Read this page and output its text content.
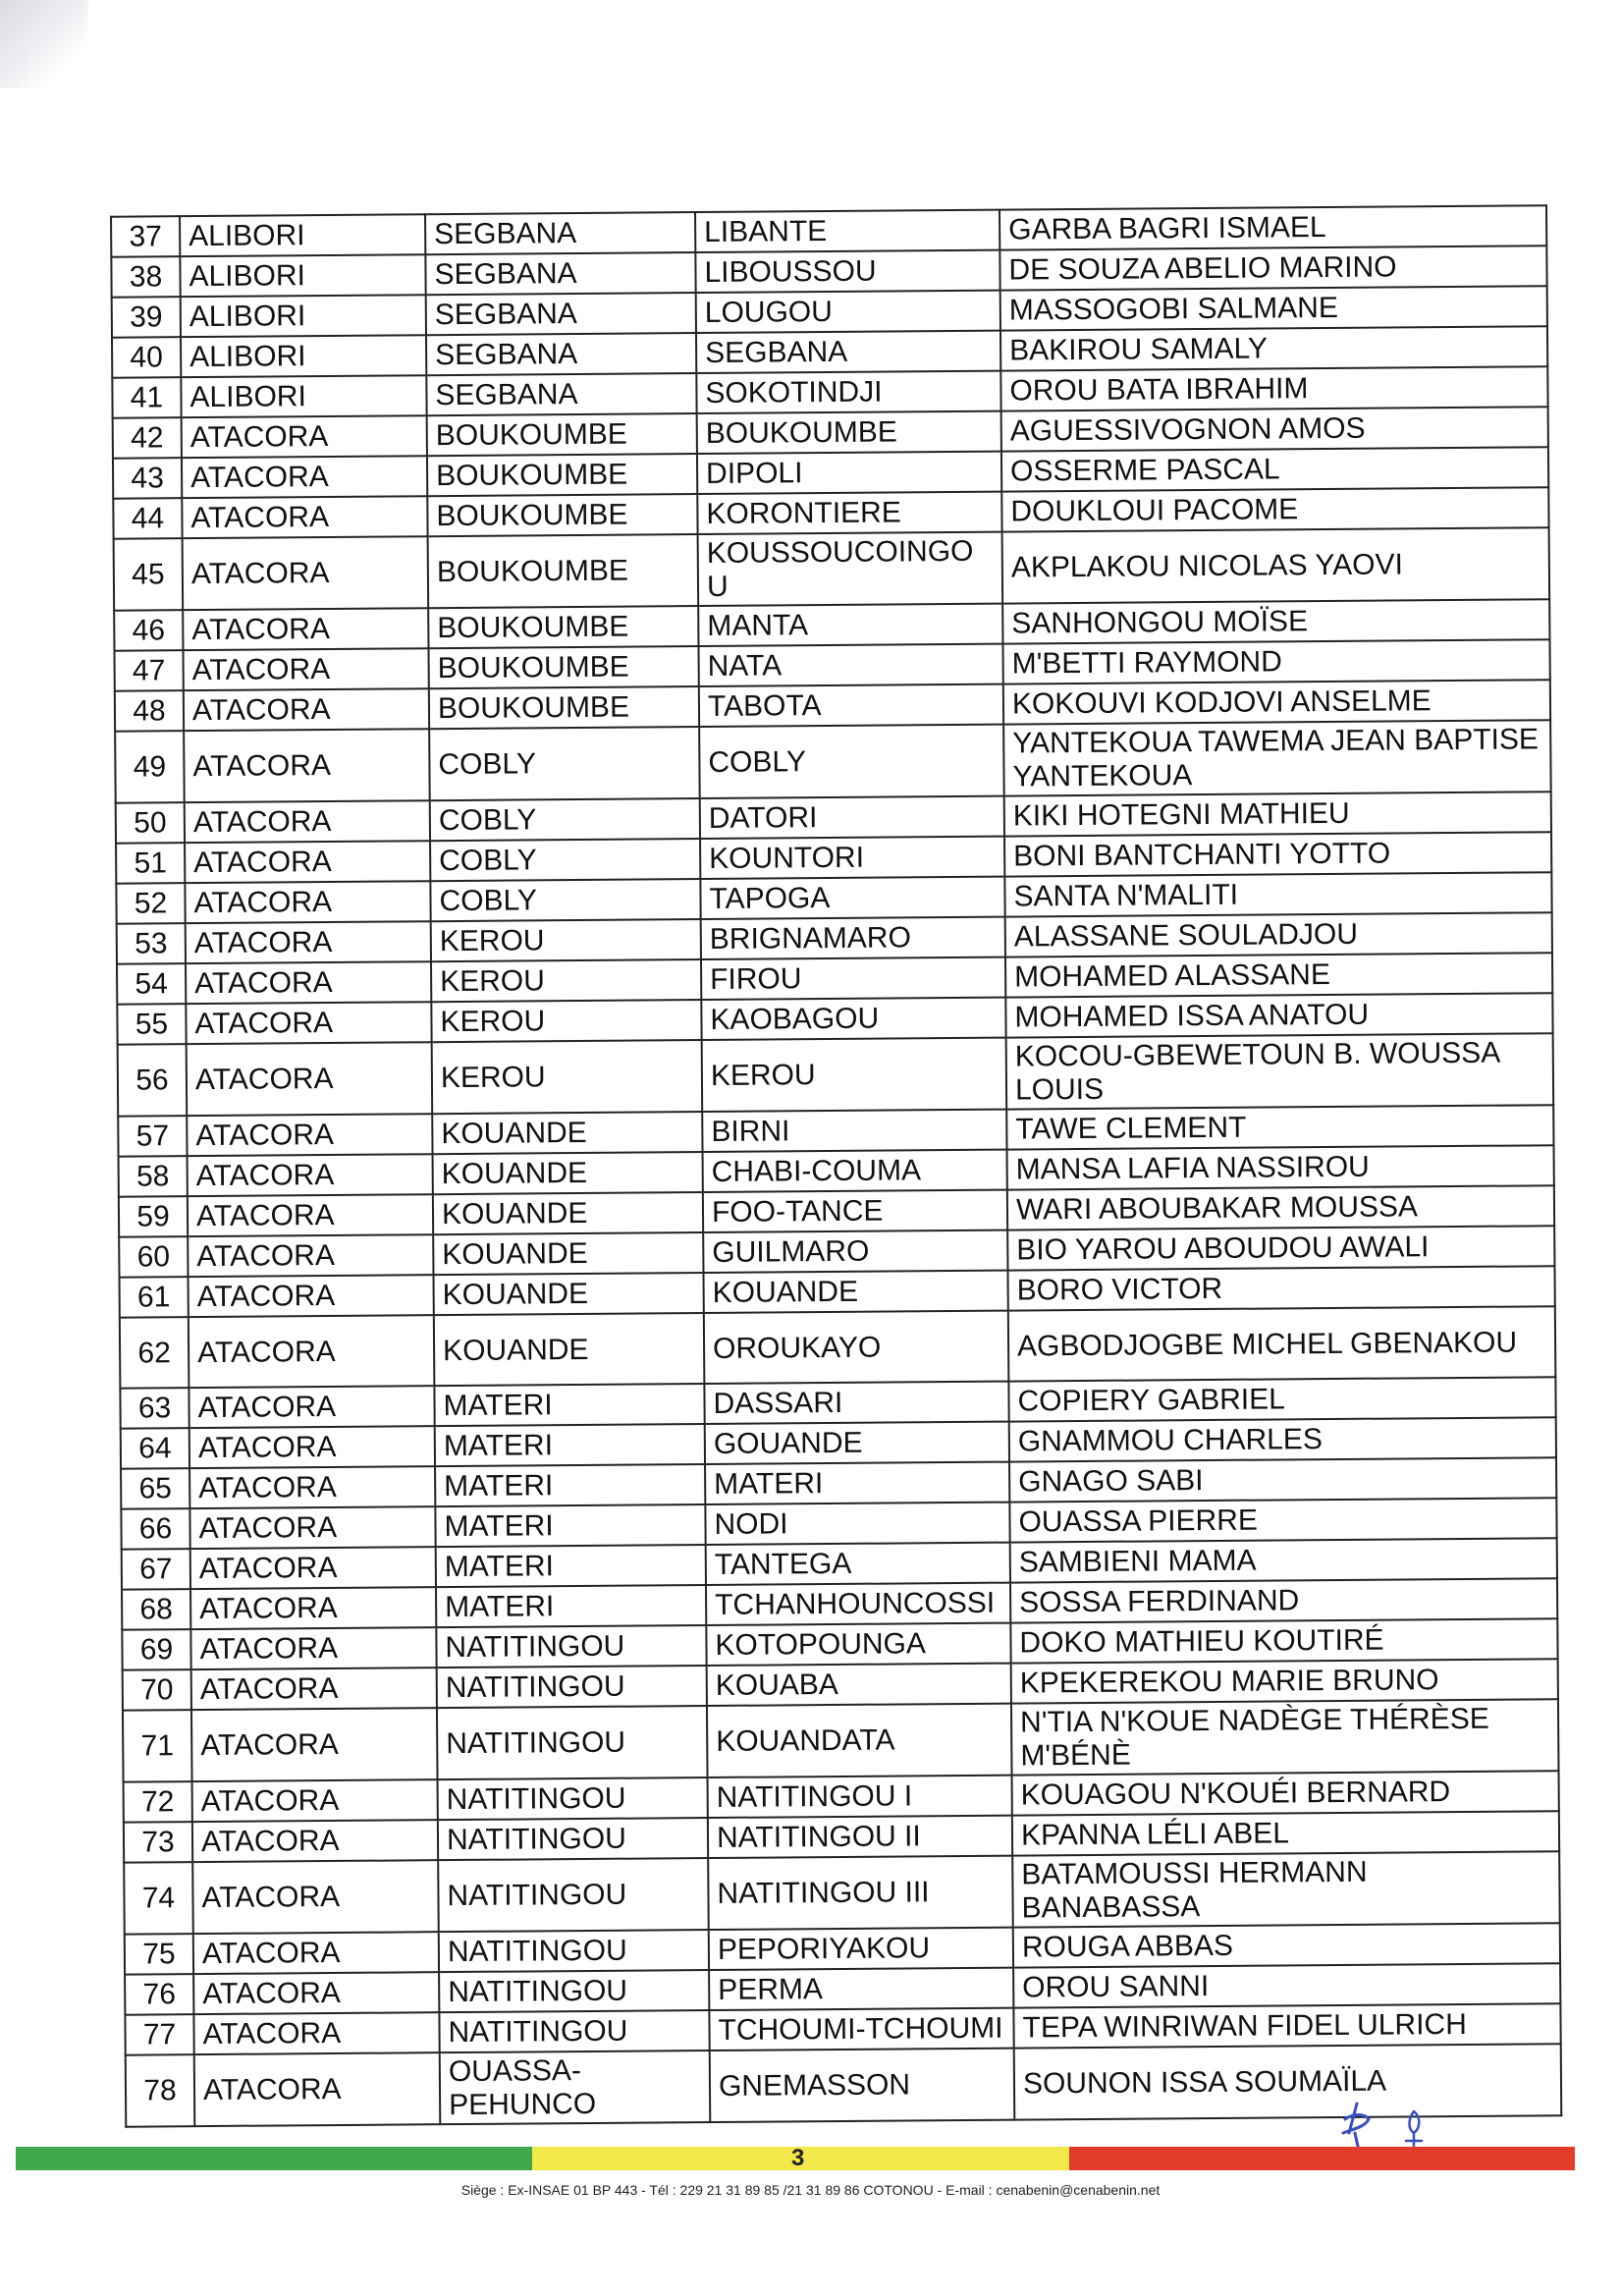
37	ALIBORI	SEGBANA	LIBANTE	GARBA BAGRI ISMAEL
38	ALIBORI	SEGBANA	LIBOUSSOU	DE SOUZA ABELIO MARINO
39	ALIBORI	SEGBANA	LOUGOU	MASSOGOBI SALMANE
40	ALIBORI	SEGBANA	SEGBANA	BAKIROU SAMALY
41	ALIBORI	SEGBANA	SOKOTINDJI	OROU BATA IBRAHIM
42	ATACORA	BOUKOUMBE	BOUKOUMBE	AGUESSIVOGNON AMOS
43	ATACORA	BOUKOUMBE	DIPOLI	OSSERME PASCAL
44	ATACORA	BOUKOUMBE	KORONTIERE	DOUKLOUI PACOME
45	ATACORA	BOUKOUMBE	KOUSSOUCOINGO U	AKPLAKOU NICOLAS YAOVI
46	ATACORA	BOUKOUMBE	MANTA	SANHONGOU MOÏSE
47	ATACORA	BOUKOUMBE	NATA	M'BETTI RAYMOND
48	ATACORA	BOUKOUMBE	TABOTA	KOKOUVI KODJOVI ANSELME
49	ATACORA	COBLY	COBLY	YANTEKOUA TAWEMA JEAN BAPTISE YANTEKOUA
50	ATACORA	COBLY	DATORI	KIKI HOTEGNI MATHIEU
51	ATACORA	COBLY	KOUNTORI	BONI BANTCHANTI YOTTO
52	ATACORA	COBLY	TAPOGA	SANTA N'MALITI
53	ATACORA	KEROU	BRIGNAMARO	ALASSANE SOULADJOU
54	ATACORA	KEROU	FIROU	MOHAMED ALASSANE
55	ATACORA	KEROU	KAOBAGOU	MOHAMED ISSA ANATOU
56	ATACORA	KEROU	KEROU	KOCOU-GBEWETOUN B. WOUSSA LOUIS
57	ATACORA	KOUANDE	BIRNI	TAWE CLEMENT
58	ATACORA	KOUANDE	CHABI-COUMA	MANSA LAFIA NASSIROU
59	ATACORA	KOUANDE	FOO-TANCE	WARI ABOUBAKAR MOUSSA
60	ATACORA	KOUANDE	GUILMARO	BIO YAROU ABOUDOU AWALI
61	ATACORA	KOUANDE	KOUANDE	BORO VICTOR
62	ATACORA	KOUANDE	OROUKAYO	AGBODJOGBE MICHEL GBENAKOU
63	ATACORA	MATERI	DASSARI	COPIERY GABRIEL
64	ATACORA	MATERI	GOUANDE	GNAMMOU CHARLES
65	ATACORA	MATERI	MATERI	GNAGO SABI
66	ATACORA	MATERI	NODI	OUASSA PIERRE
67	ATACORA	MATERI	TANTEGA	SAMBIENI MAMA
68	ATACORA	MATERI	TCHANHOUNCOSSI	SOSSA FERDINAND
69	ATACORA	NATITINGOU	KOTOPOUNGA	DOKO MATHIEU KOUTIRÉ
70	ATACORA	NATITINGOU	KOUABA	KPEKEREKOU MARIE BRUNO
71	ATACORA	NATITINGOU	KOUANDATA	N'TIA N'KOUE NADÈGE THÉRÈSE M'BÉNÈ
72	ATACORA	NATITINGOU	NATITINGOU I	KOUAGOU N'KOUÉI BERNARD
73	ATACORA	NATITINGOU	NATITINGOU II	KPANNA LÉLI ABEL
74	ATACORA	NATITINGOU	NATITINGOU III	BATAMOUSSI HERMANN BANABASSA
75	ATACORA	NATITINGOU	PEPORIYAKOU	ROUGA ABBAS
76	ATACORA	NATITINGOU	PERMA	OROU SANNI
77	ATACORA	NATITINGOU	TCHOUMI-TCHOUMI	TEPA WINRIWAN FIDEL ULRICH
78	ATACORA	OUASSA-PEHUNCO	GNEMASSON	SOUNON ISSA SOUMAÏLA
3
Siège : Ex-INSAE 01 BP 443 - Tél : 229 21 31 89 85 /21 31 89 86 COTONOU - E-mail : cenabenin@cenabenin.net
